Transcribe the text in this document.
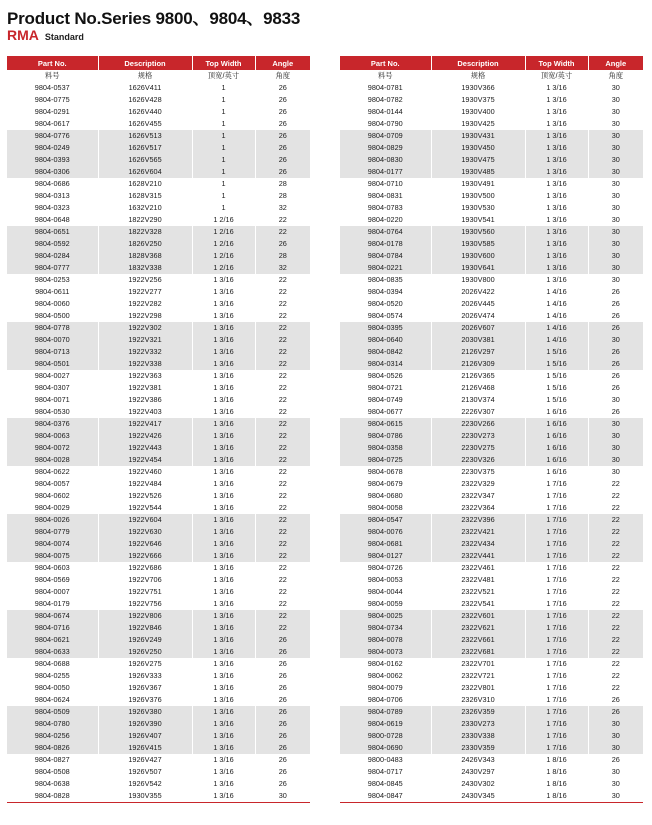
Product No.Series 9800、9804、9833
RMA Standard
Part No.	Description	Top Width	Angle
料号	规格	顶宽/英寸	角度
9804-0537	1626V411	1	26
9804-0775	1626V428	1	26
9804-0291	1626V440	1	26
9804-0617	1626V455	1	26
9804-0776	1626V513	1	26
9804-0249	1626V517	1	26
9804-0393	1626V565	1	26
9804-0306	1626V604	1	26
9804-0686	1628V210	1	28
9804-0313	1628V315	1	28
9804-0323	1632V210	1	32
9804-0648	1822V290	1 2/16	22
9804-0651	1822V328	1 2/16	22
9804-0592	1826V250	1 2/16	26
9804-0284	1828V368	1 2/16	28
9804-0777	1832V338	1 2/16	32
9804-0253	1922V256	1 3/16	22
9804-0611	1922V277	1 3/16	22
9804-0060	1922V282	1 3/16	22
9804-0500	1922V298	1 3/16	22
9804-0778	1922V302	1 3/16	22
9804-0070	1922V321	1 3/16	22
9804-0713	1922V332	1 3/16	22
9804-0501	1922V338	1 3/16	22
9804-0027	1922V363	1 3/16	22
9804-0307	1922V381	1 3/16	22
9804-0071	1922V386	1 3/16	22
9804-0530	1922V403	1 3/16	22
9804-0376	1922V417	1 3/16	22
9804-0063	1922V426	1 3/16	22
9804-0072	1922V443	1 3/16	22
9804-0028	1922V454	1 3/16	22
9804-0622	1922V460	1 3/16	22
9804-0057	1922V484	1 3/16	22
9804-0602	1922V526	1 3/16	22
9804-0029	1922V544	1 3/16	22
9804-0026	1922V604	1 3/16	22
9804-0779	1922V630	1 3/16	22
9804-0074	1922V646	1 3/16	22
9804-0075	1922V666	1 3/16	22
9804-0603	1922V686	1 3/16	22
9804-0569	1922V706	1 3/16	22
9804-0007	1922V751	1 3/16	22
9804-0179	1922V756	1 3/16	22
9804-0674	1922V806	1 3/16	22
9804-0716	1922V846	1 3/16	22
9804-0621	1926V249	1 3/16	26
9804-0633	1926V250	1 3/16	26
9804-0688	1926V275	1 3/16	26
9804-0255	1926V333	1 3/16	26
9804-0050	1926V367	1 3/16	26
9804-0624	1926V376	1 3/16	26
9804-0509	1926V380	1 3/16	26
9804-0780	1926V390	1 3/16	26
9804-0256	1926V407	1 3/16	26
9804-0826	1926V415	1 3/16	26
9804-0827	1926V427	1 3/16	26
9804-0508	1926V507	1 3/16	26
9804-0638	1926V542	1 3/16	26
9804-0828	1930V355	1 3/16	30
Part No.	Description	Top Width	Angle
料号	规格	顶宽/英寸	角度
9804-0781	1930V366	1 3/16	30
9804-0782	1930V375	1 3/16	30
9804-0144	1930V400	1 3/16	30
9804-0790	1930V425	1 3/16	30
9804-0709	1930V431	1 3/16	30
9804-0829	1930V450	1 3/16	30
9804-0830	1930V475	1 3/16	30
9804-0177	1930V485	1 3/16	30
9804-0710	1930V491	1 3/16	30
9804-0831	1930V500	1 3/16	30
9804-0783	1930V530	1 3/16	30
9804-0220	1930V541	1 3/16	30
9804-0764	1930V560	1 3/16	30
9804-0178	1930V585	1 3/16	30
9804-0784	1930V600	1 3/16	30
9804-0221	1930V641	1 3/16	30
9804-0835	1930V800	1 3/16	30
9804-0394	2026V422	1 4/16	26
9804-0520	2026V445	1 4/16	26
9804-0574	2026V474	1 4/16	26
9804-0395	2026V607	1 4/16	26
9804-0640	2030V381	1 4/16	30
9804-0842	2126V297	1 5/16	26
9804-0314	2126V309	1 5/16	26
9804-0526	2126V365	1 5/16	26
9804-0721	2126V468	1 5/16	26
9804-0749	2130V374	1 5/16	30
9804-0677	2226V307	1 6/16	26
9804-0615	2230V266	1 6/16	30
9804-0786	2230V273	1 6/16	30
9804-0358	2230V275	1 6/16	30
9804-0725	2230V326	1 6/16	30
9804-0678	2230V375	1 6/16	30
9804-0679	2322V329	1 7/16	22
9804-0680	2322V347	1 7/16	22
9804-0058	2322V364	1 7/16	22
9804-0547	2322V396	1 7/16	22
9804-0076	2322V421	1 7/16	22
9804-0681	2322V434	1 7/16	22
9804-0127	2322V441	1 7/16	22
9804-0726	2322V461	1 7/16	22
9804-0053	2322V481	1 7/16	22
9804-0044	2322V521	1 7/16	22
9804-0059	2322V541	1 7/16	22
9804-0025	2322V601	1 7/16	22
9804-0734	2322V621	1 7/16	22
9804-0078	2322V661	1 7/16	22
9804-0073	2322V681	1 7/16	22
9804-0162	2322V701	1 7/16	22
9804-0062	2322V721	1 7/16	22
9804-0079	2322V801	1 7/16	22
9804-0706	2326V310	1 7/16	26
9804-0789	2326V359	1 7/16	26
9804-0619	2330V273	1 7/16	30
9800-0728	2330V338	1 7/16	30
9804-0690	2330V359	1 7/16	30
9800-0483	2426V343	1 8/16	26
9804-0717	2430V297	1 8/16	30
9804-0845	2430V302	1 8/16	30
9804-0847	2430V345	1 8/16	30
